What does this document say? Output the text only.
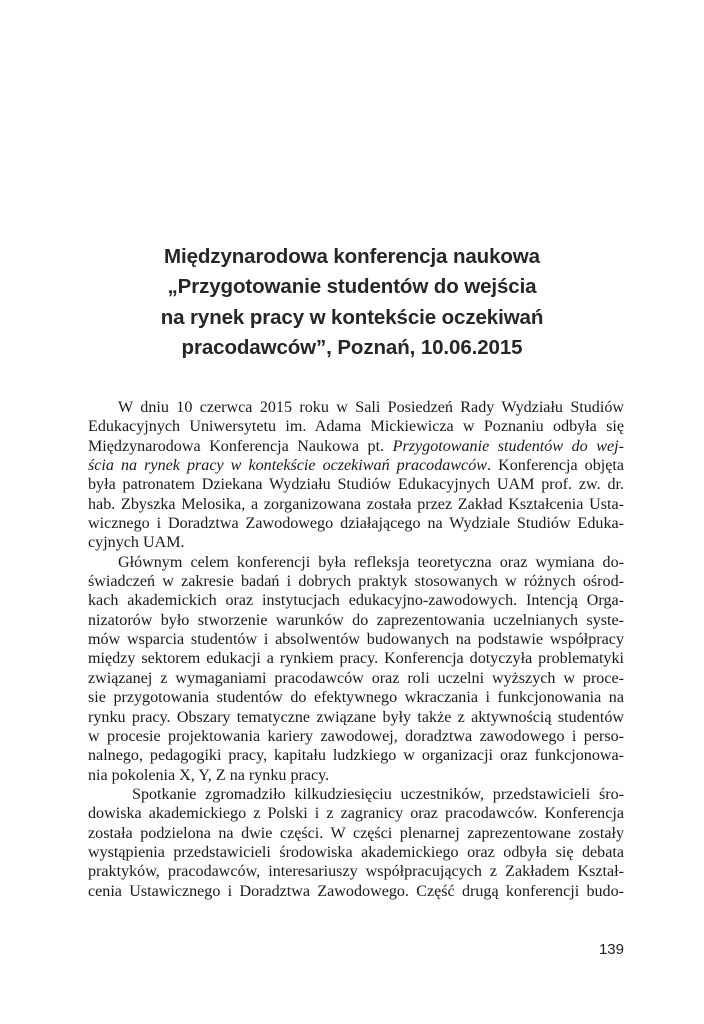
Międzynarodowa konferencja naukowa
„Przygotowanie studentów do wejścia
na rynek pracy w kontekście oczekiwań
pracodawców”, Poznań, 10.06.2015
W dniu 10 czerwca 2015 roku w Sali Posiedzeń Rady Wydziału Studiów
Edukacyjnych Uniwersytetu im. Adama Mickiewicza w Poznaniu odbyła się
Międzynarodowa Konferencja Naukowa pt. Przygotowanie studentów do wej-
ścia na rynek pracy w kontekście oczekiwań pracodawców. Konferencja objęta
była patronatem Dziekana Wydziału Studiów Edukacyjnych UAM prof. zw. dr.
hab. Zbyszka Melosika, a zorganizowana została przez Zakład Kształcenia Usta-
wicznego i Doradztwa Zawodowego działającego na Wydziale Studiów Eduka-
cyjnych UAM.
Głównym celem konferencji była refleksja teoretyczna oraz wymiana do-
świadczeń w zakresie badań i dobrych praktyk stosowanych w różnych ośrod-
kach akademickich oraz instytucjach edukacyjno-zawodowych. Intencją Orga-
nizatorów było stworzenie warunków do zaprezentowania uczelnianych syste-
mów wsparcia studentów i absolwentów budowanych na podstawie współpracy
między sektorem edukacji a rynkiem pracy. Konferencja dotyczyła problematyki
związanej z wymaganiami pracodawców oraz roli uczelni wyższych w proce-
sie przygotowania studentów do efektywnego wkraczania i funkcjonowania na
rynku pracy. Obszary tematyczne związane były także z aktywnością studentów
w procesie projektowania kariery zawodowej, doradztwa zawodowego i perso-
nalnego, pedagogiki pracy, kapitału ludzkiego w organizacji oraz funkcjonowa-
nia pokolenia X, Y, Z na rynku pracy.
Spotkanie zgromadziło kilkudziesięciu uczestników, przedstawicieli śro-
dowiska akademickiego z Polski i z zagranicy oraz pracodawców. Konferencja
została podzielona na dwie części. W części plenarnej zaprezentowane zostały
wystąpienia przedstawicieli środowiska akademickiego oraz odbyła się debata
praktyków, pracodawców, interesariuszy współpracujących z Zakładem Kształ-
cenia Ustawicznego i Doradztwa Zawodowego. Część drugą konferencji budo-
139
